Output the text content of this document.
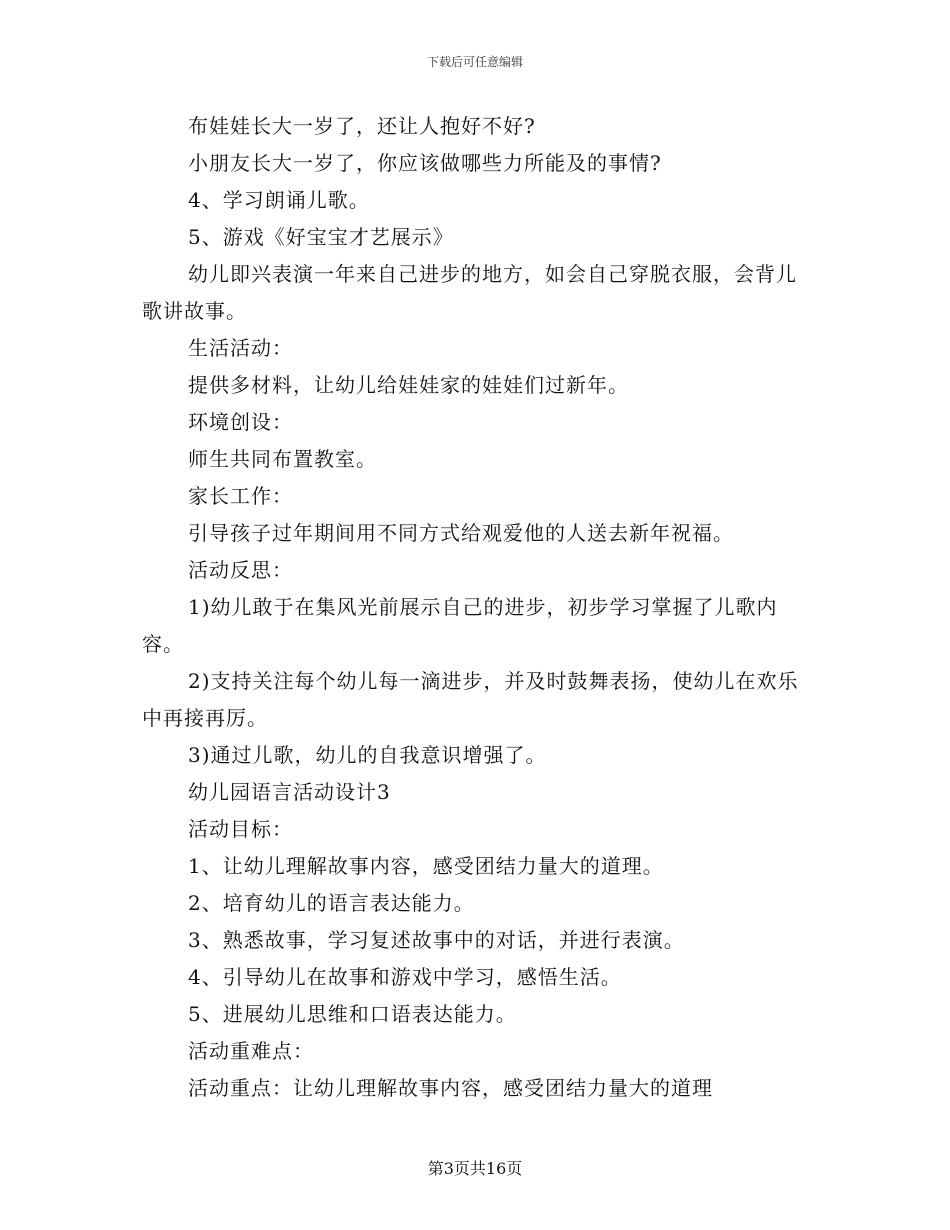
下载后可任意编辑

布娃娃长大一岁了，还让人抱好不好?

小朋友长大一岁了，你应该做哪些力所能及的事情?

4、学习朗诵儿歌。

5、游戏《好宝宝才艺展示》

幼儿即兴表演一年来自己进步的地方，如会自己穿脱衣服，会背儿歌讲故事。

生活活动：

提供多材料，让幼儿给娃娃家的娃娃们过新年。

环境创设：

师生共同布置教室。

家长工作：

引导孩子过年期间用不同方式给观爱他的人送去新年祝福。

活动反思：

1)幼儿敢于在集风光前展示自己的进步，初步学习掌握了儿歌内容。

2)支持关注每个幼儿每一滴进步，并及时鼓舞表扬，使幼儿在欢乐中再接再厉。

3)通过儿歌，幼儿的自我意识增强了。

幼儿园语言活动设计3

活动目标：

1、让幼儿理解故事内容，感受团结力量大的道理。

2、培育幼儿的语言表达能力。

3、熟悉故事，学习复述故事中的对话，并进行表演。

4、引导幼儿在故事和游戏中学习，感悟生活。

5、进展幼儿思维和口语表达能力。

活动重难点：

活动重点：让幼儿理解故事内容，感受团结力量大的道理

第3页共16页
